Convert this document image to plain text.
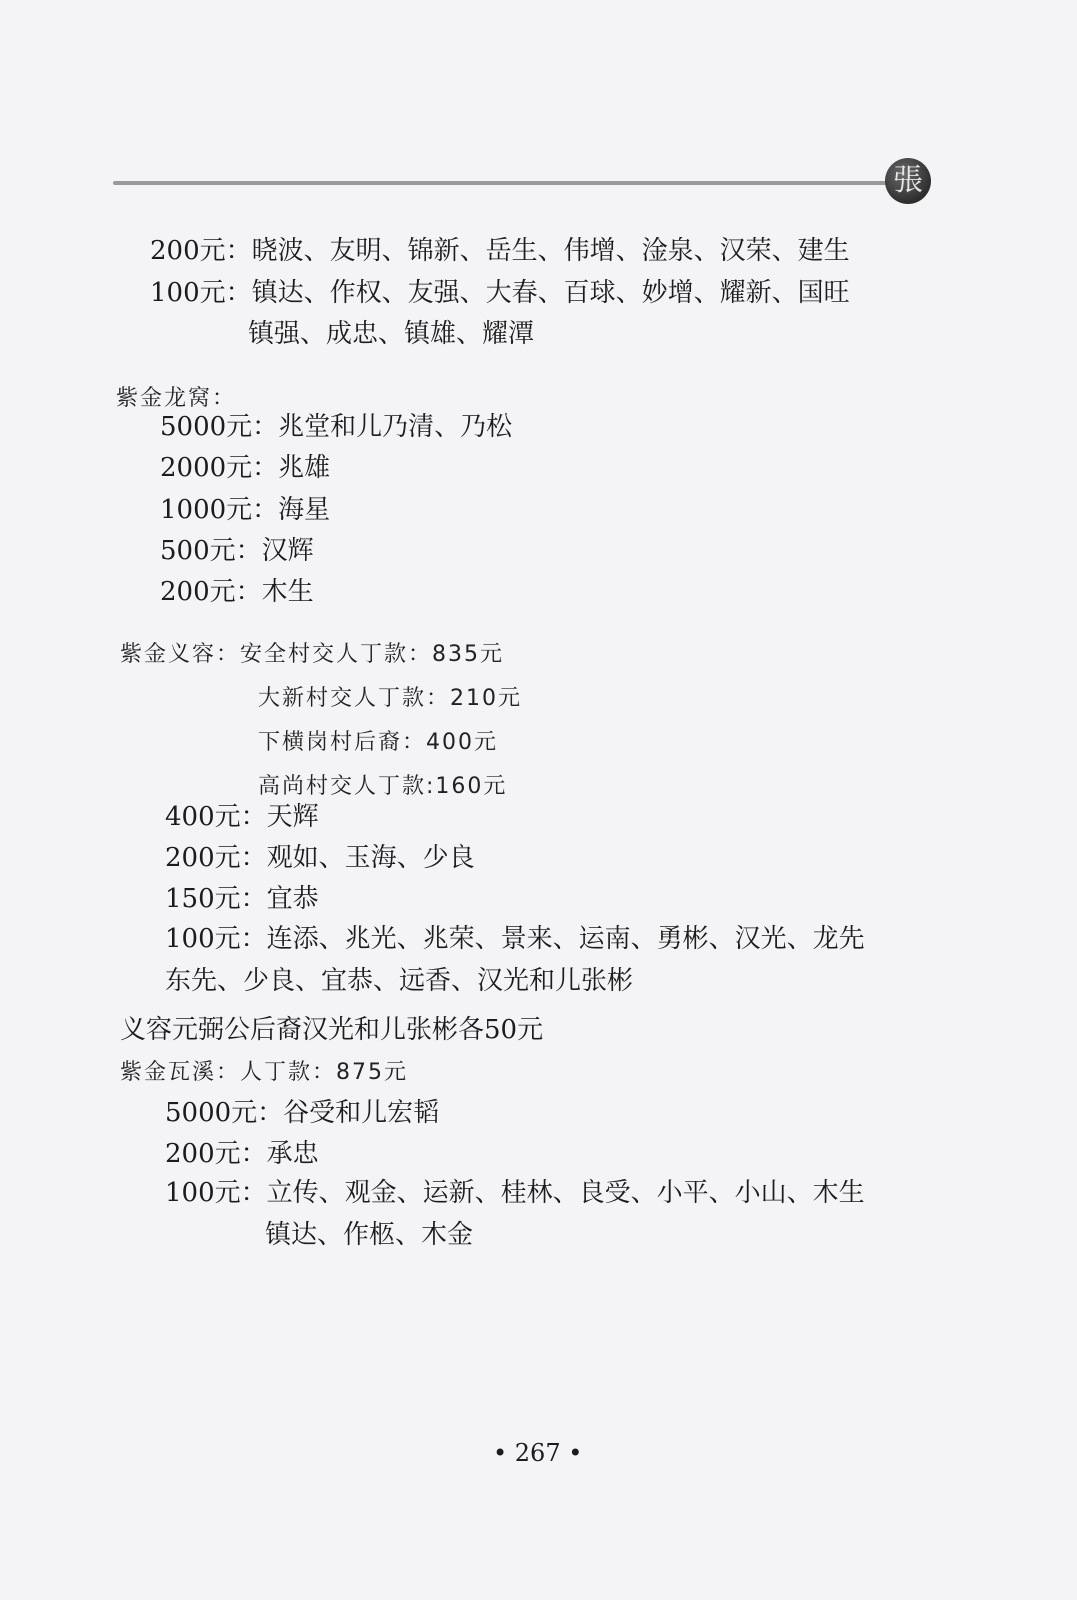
張
200元：晓波、友明、锦新、岳生、伟增、淦泉、汉荣、建生
100元：镇达、作权、友强、大春、百球、妙增、耀新、国旺
镇强、成忠、镇雄、耀潭
紫金龙窝：
5000元：兆堂和儿乃清、乃松
2000元：兆雄
1000元：海星
500元：汉辉
200元：木生
紫金义容：安全村交人丁款：835元
大新村交人丁款：210元
下横岗村后裔：400元
高尚村交人丁款:160元
400元：天辉
200元：观如、玉海、少良
150元：宜恭
100元：连添、兆光、兆荣、景来、运南、勇彬、汉光、龙先
东先、少良、宜恭、远香、汉光和儿张彬
义容元弼公后裔汉光和儿张彬各50元
紫金瓦溪：人丁款：875元
5000元：谷受和儿宏韬
200元：承忠
100元：立传、观金、运新、桂林、良受、小平、小山、木生
镇达、作柩、木金
• 267 •
